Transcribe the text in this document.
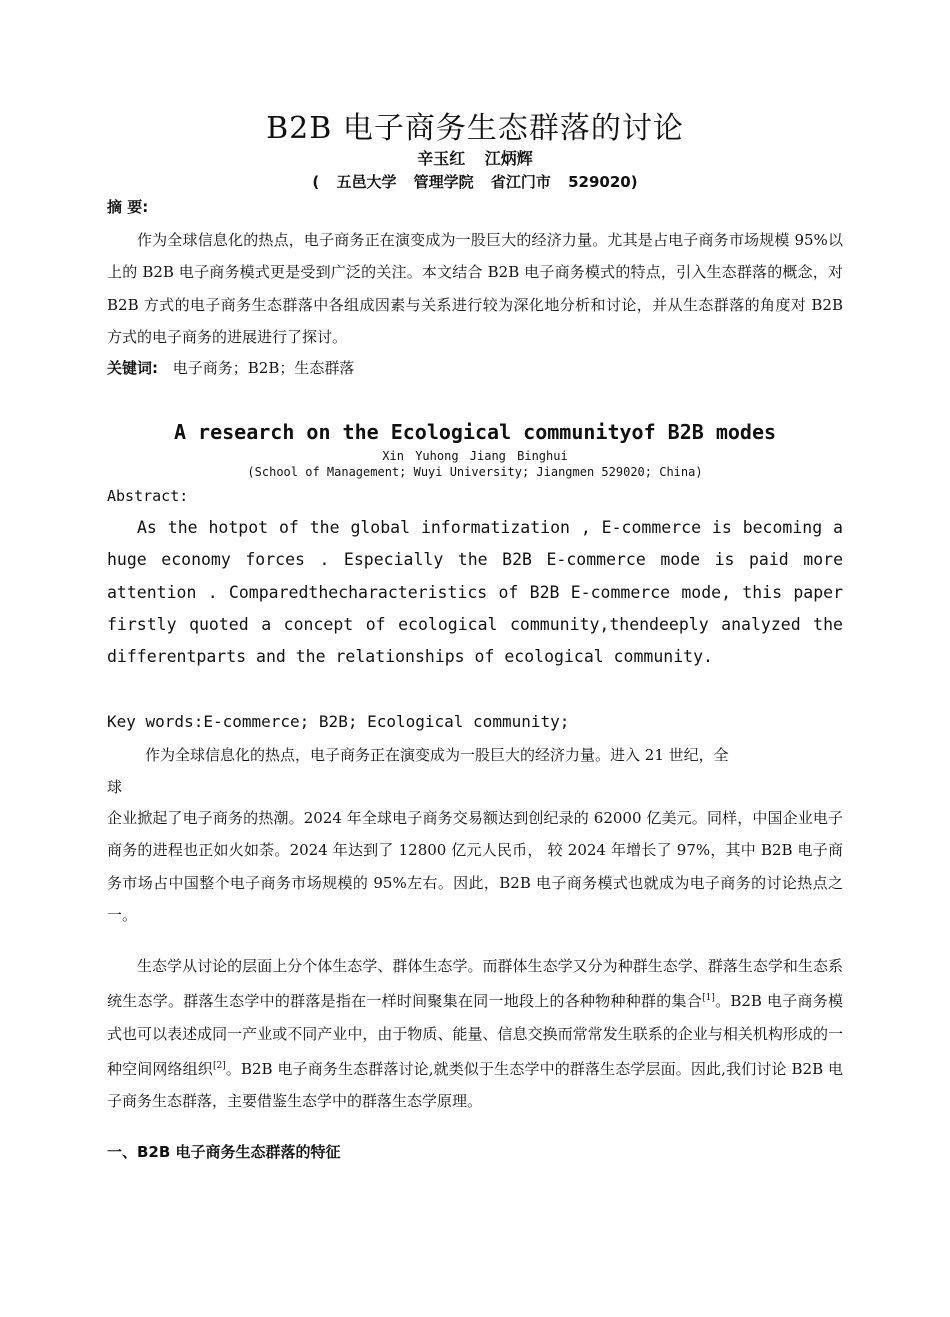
B2B 电子商务生态群落的讨论
辛玉红 江炳辉
( 五邑大学 管理学院 省江门市 529020)
摘 要:
作为全球信息化的热点，电子商务正在演变成为一股巨大的经济力量。尤其是占电子商务市场规模 95%以上的 B2B 电子商务模式更是受到广泛的关注。本文结合 B2B 电子商务模式的特点，引入生态群落的概念，对 B2B 方式的电子商务生态群落中各组成因素与关系进行较为深化地分析和讨论，并从生态群落的角度对 B2B 方式的电子商务的进展进行了探讨。
关键词: 电子商务；B2B；生态群落
A research on the Ecological communityof B2B modes
Xin Yuhong Jiang Binghui
(School of Management; Wuyi University; Jiangmen 529020; China)
Abstract:
As the hotpot of the global informatization , E-commerce is becoming a huge economy forces . Especially the B2B E-commerce mode is paid more attention . Comparedthecharacteristics of B2B E-commerce mode, this paper firstly quoted a concept of ecological community,thendeeply analyzed the differentparts and the relationships of ecological community.
Key words:E-commerce; B2B; Ecological community;
作为全球信息化的热点，电子商务正在演变成为一股巨大的经济力量。进入 21 世纪，全
球
企业掀起了电子商务的热潮。2024 年全球电子商务交易额达到创纪录的 62000 亿美元。同样，中国企业电子商务的进程也正如火如荼。2024 年达到了 12800 亿元人民币， 较 2024 年增长了 97%，其中 B2B 电子商务市场占中国整个电子商务市场规模的 95%左右。因此，B2B 电子商务模式也就成为电子商务的讨论热点之一。
生态学从讨论的层面上分个体生态学、群体生态学。而群体生态学又分为种群生态学、群落生态学和生态系统生态学。群落生态学中的群落是指在一样时间聚集在同一地段上的各种物种种群的集合[1]。B2B 电子商务模式也可以表述成同一产业或不同产业中，由于物质、能量、信息交换而常常发生联系的企业与相关机构形成的一种空间网络组织[2]。B2B 电子商务生态群落讨论,就类似于生态学中的群落生态学层面。因此,我们讨论 B2B 电子商务生态群落，主要借鉴生态学中的群落生态学原理。
一、B2B 电子商务生态群落的特征
